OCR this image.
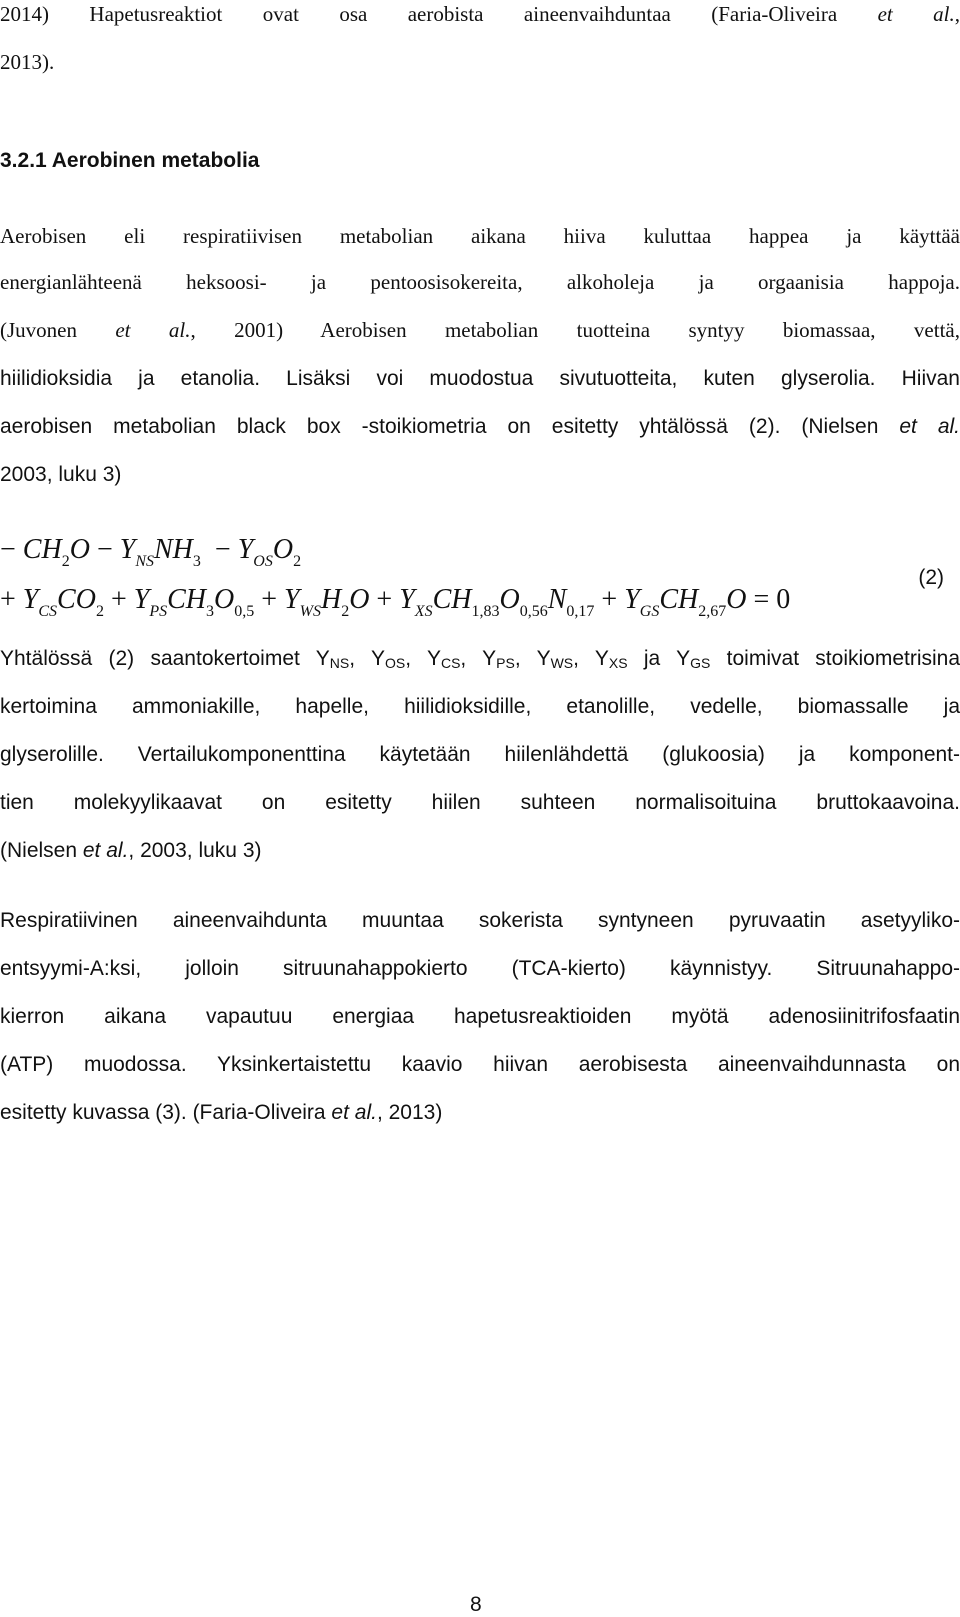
2014) Hapetusreaktiot ovat osa aerobista aineenvaihduntaa (Faria-Oliveira et al.,
2013).
3.2.1 Aerobinen metabolia
Aerobisen eli respiratiivisen metabolian aikana hiiva kuluttaa happea ja käyttää
energianlähteenä heksoosi- ja pentoosisokereita, alkoholeja ja orgaanisia happoja.
(Juvonen et al., 2001) Aerobisen metabolian tuotteina syntyy biomassaa, vettä,
hiilidioksidia ja etanolia. Lisäksi voi muodostua sivutuotteita, kuten glyserolia. Hiivan
aerobisen metabolian black box -stoikiometria on esitetty yhtälössä (2). (Nielsen et al.
2003, luku 3)
− $CH_2O - Y_{NS}NH_3 - Y_{OS}O_2$
(2)
+ $Y_{CS}CO_2 + Y_{PS}CH_3O_{0,5} + Y_{WS}H_2O + Y_{XS}CH_{1,83}O_{0,56}N_{0,17} + Y_{GS}CH_{2,67}O = 0$
Yhtälössä (2) saantokertoimet $Y_{NS}$, $Y_{OS}$, $Y_{CS}$, $Y_{PS}$, $Y_{WS}$, $Y_{XS}$ ja $Y_{GS}$ toimivat stoikiometrisina
kertoimina ammoniakille, hapelle, hiilidioksidille, etanolille, vedelle, biomassalle ja
glyserolille. Vertailukomponenttina käytetään hiilenlähdettä (glukoosia) ja komponent-
tien molekyylikaavat on esitetty hiilen suhteen normalisoituina bruttokaavoina.
(Nielsen et al., 2003, luku 3)
Respiratiivinen aineenvaihdunta muuntaa sokerista syntyneen pyruvaatin asetyyliko-
entsyymi-A:ksi, jolloin sitruunahappokierto (TCA-kierto) käynnistyy. Sitruunahappo-
kierron aikana vapautuu energiaa hapetusreaktioiden myötä adenosiinitrifosfaatin
(ATP) muodossa. Yksinkertaistettu kaavio hiivan aerobisesta aineenvaihdunnasta on
esitetty kuvassa (3). (Faria-Oliveira et al., 2013)
8
